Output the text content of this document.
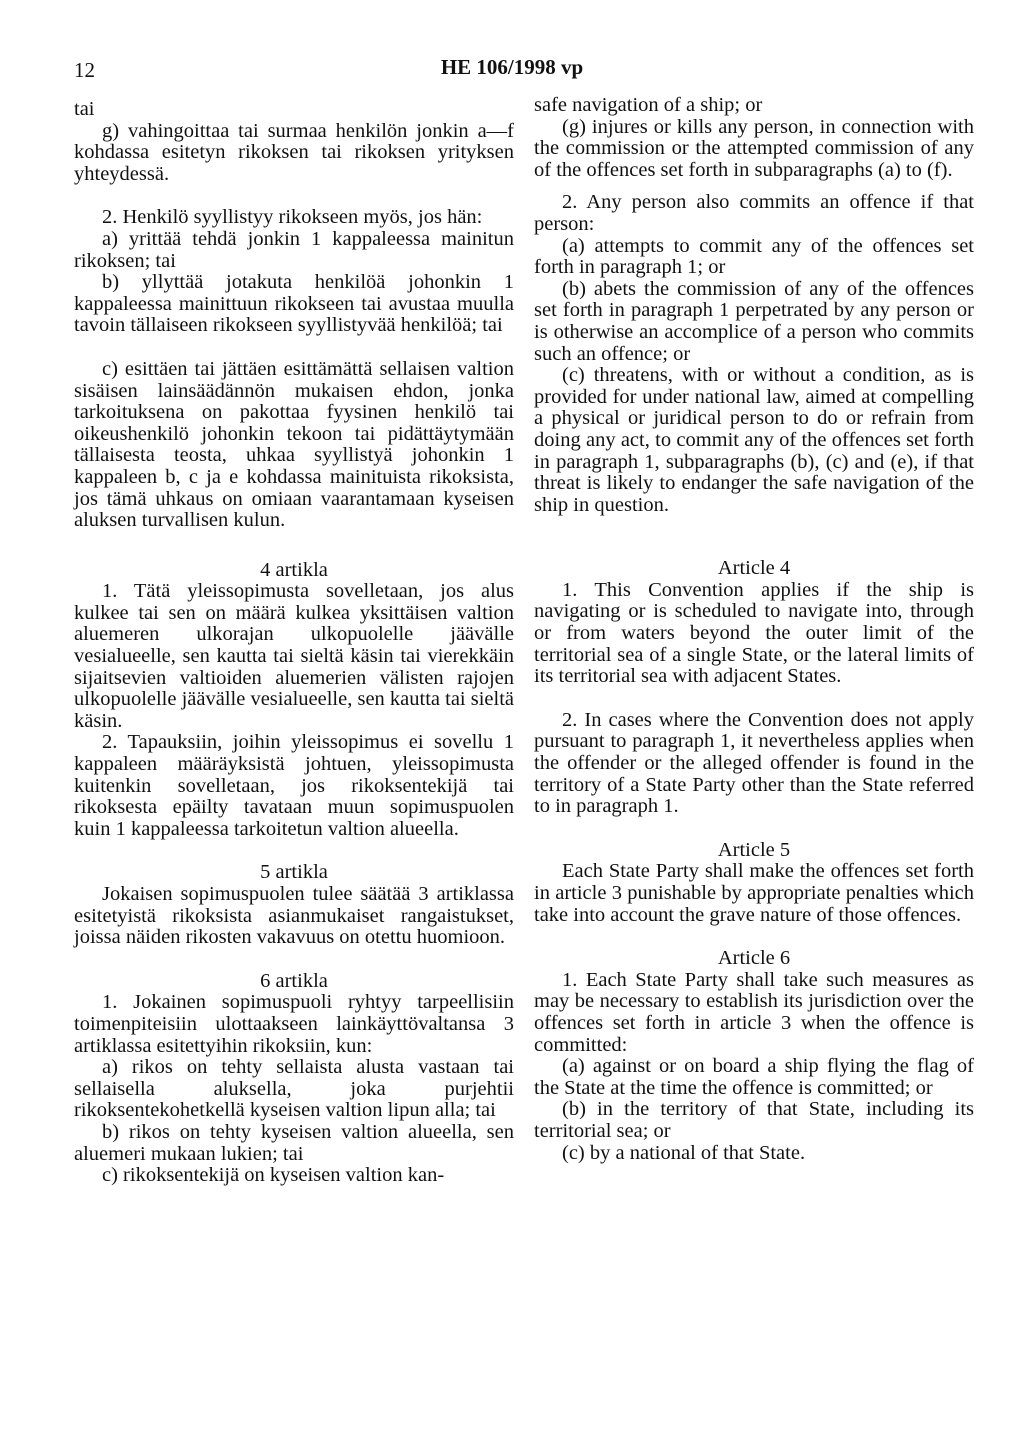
12	HE 106/1998 vp

tai

g) vahingoittaa tai surmaa henkilön jonkin a—f kohdassa esitetyn rikoksen tai rikoksen yrityksen yhteydessä.

2. Henkilö syyllistyy rikokseen myös, jos hän:

a) yrittää tehdä jonkin 1 kappaleessa mainitun rikoksen; tai

b) yllyttää jotakuta henkilöä johonkin 1 kappaleessa mainittuun rikokseen tai avustaa muulla tavoin tällaiseen rikokseen syyllistyvää henkilöä; tai

c) esittäen tai jättäen esittämättä sellaisen valtion sisäisen lainsäädännön mukaisen ehdon, jonka tarkoituksena on pakottaa fyysinen henkilö tai oikeushenkilö johonkin tekoon tai pidättäytymään tällaisesta teosta, uhkaa syyllistyä johonkin 1 kappaleen b, c ja e kohdassa mainituista rikoksista, jos tämä uhkaus on omiaan vaarantamaan kyseisen aluksen turvallisen kulun.

4 artikla

1. Tätä yleissopimusta sovelletaan, jos alus kulkee tai sen on määrä kulkea yksittäisen valtion aluemeren ulkorajan ulkopuolelle jäävälle vesialueelle, sen kautta tai sieltä käsin tai vierekkäin sijaitsevien valtioiden aluemerien välisten rajojen ulkopuolelle jäävälle vesialueelle, sen kautta tai sieltä käsin.

2. Tapauksiin, joihin yleissopimus ei sovellu 1 kappaleen määräyksistä johtuen, yleissopimusta kuitenkin sovelletaan, jos rikoksentekijä tai rikoksesta epäilty tavataan muun sopimuspuolen kuin 1 kappaleessa tarkoitetun valtion alueella.

5 artikla

Jokaisen sopimuspuolen tulee säätää 3 artiklassa esitetyistä rikoksista asianmukaiset rangaistukset, joissa näiden rikosten vakavuus on otettu huomioon.

6 artikla

1. Jokainen sopimuspuoli ryhtyy tarpeellisiin toimenpiteisiin ulottaakseen lainkäyttövaltansa 3 artiklassa esitettyihin rikoksiin, kun:

a) rikos on tehty sellaista alusta vastaan tai sellaisella aluksella, joka purjehtii rikoksentekohetkellä kyseisen valtion lipun alla; tai

b) rikos on tehty kyseisen valtion alueella, sen aluemeri mukaan lukien; tai

c) rikoksentekijä on kyseisen valtion kan-

safe navigation of a ship; or

(g) injures or kills any person, in connection with the commission or the attempted commission of any of the offences set forth in subparagraphs (a) to (f).

2. Any person also commits an offence if that person:

(a) attempts to commit any of the offences set forth in paragraph 1; or

(b) abets the commission of any of the offences set forth in paragraph 1 perpetrated by any person or is otherwise an accomplice of a person who commits such an offence; or

(c) threatens, with or without a condition, as is provided for under national law, aimed at compelling a physical or juridical person to do or refrain from doing any act, to commit any of the offences set forth in paragraph 1, subparagraphs (b), (c) and (e), if that threat is likely to endanger the safe navigation of the ship in question.

Article 4

1. This Convention applies if the ship is navigating or is scheduled to navigate into, through or from waters beyond the outer limit of the territorial sea of a single State, or the lateral limits of its territorial sea with adjacent States.

2. In cases where the Convention does not apply pursuant to paragraph 1, it nevertheless applies when the offender or the alleged offender is found in the territory of a State Party other than the State referred to in paragraph 1.

Article 5

Each State Party shall make the offences set forth in article 3 punishable by appropriate penalties which take into account the grave nature of those offences.

Article 6

1. Each State Party shall take such measures as may be necessary to establish its jurisdiction over the offences set forth in article 3 when the offence is committed:

(a) against or on board a ship flying the flag of the State at the time the offence is committed; or

(b) in the territory of that State, including its territorial sea; or

(c) by a national of that State.
